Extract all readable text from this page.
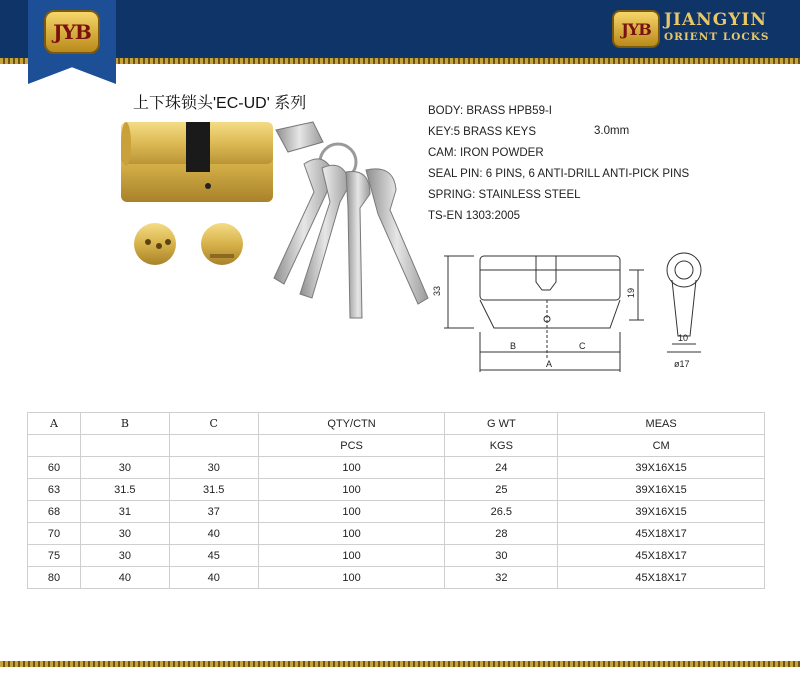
JYB	JYB JIANGYIN
ORIENT LOCKS
上下珠锁头'EC-UD' 系列	BODY: BRASS HPB59-I
KEY:5 BRASS KEYS
CAM: IRON POWDER
SEAL PIN: 6 PINS, 6 ANTI-DRILL ANTI-PICK PINS
SPRING: STAINLESS STEEL
TS-EN 1303:2005
3.0mm
33	19
B	C
A
10
ø17
A	B	C	QTY/CTN	G WT	MEAS
			PCS	KGS	CM
60	30	30	100	24	39X16X15
63	31.5	31.5	100	25	39X16X15
68	31	37	100	26.5	39X16X15
70	30	40	100	28	45X18X17
75	30	45	100	30	45X18X17
80	40	40	100	32	45X18X17
